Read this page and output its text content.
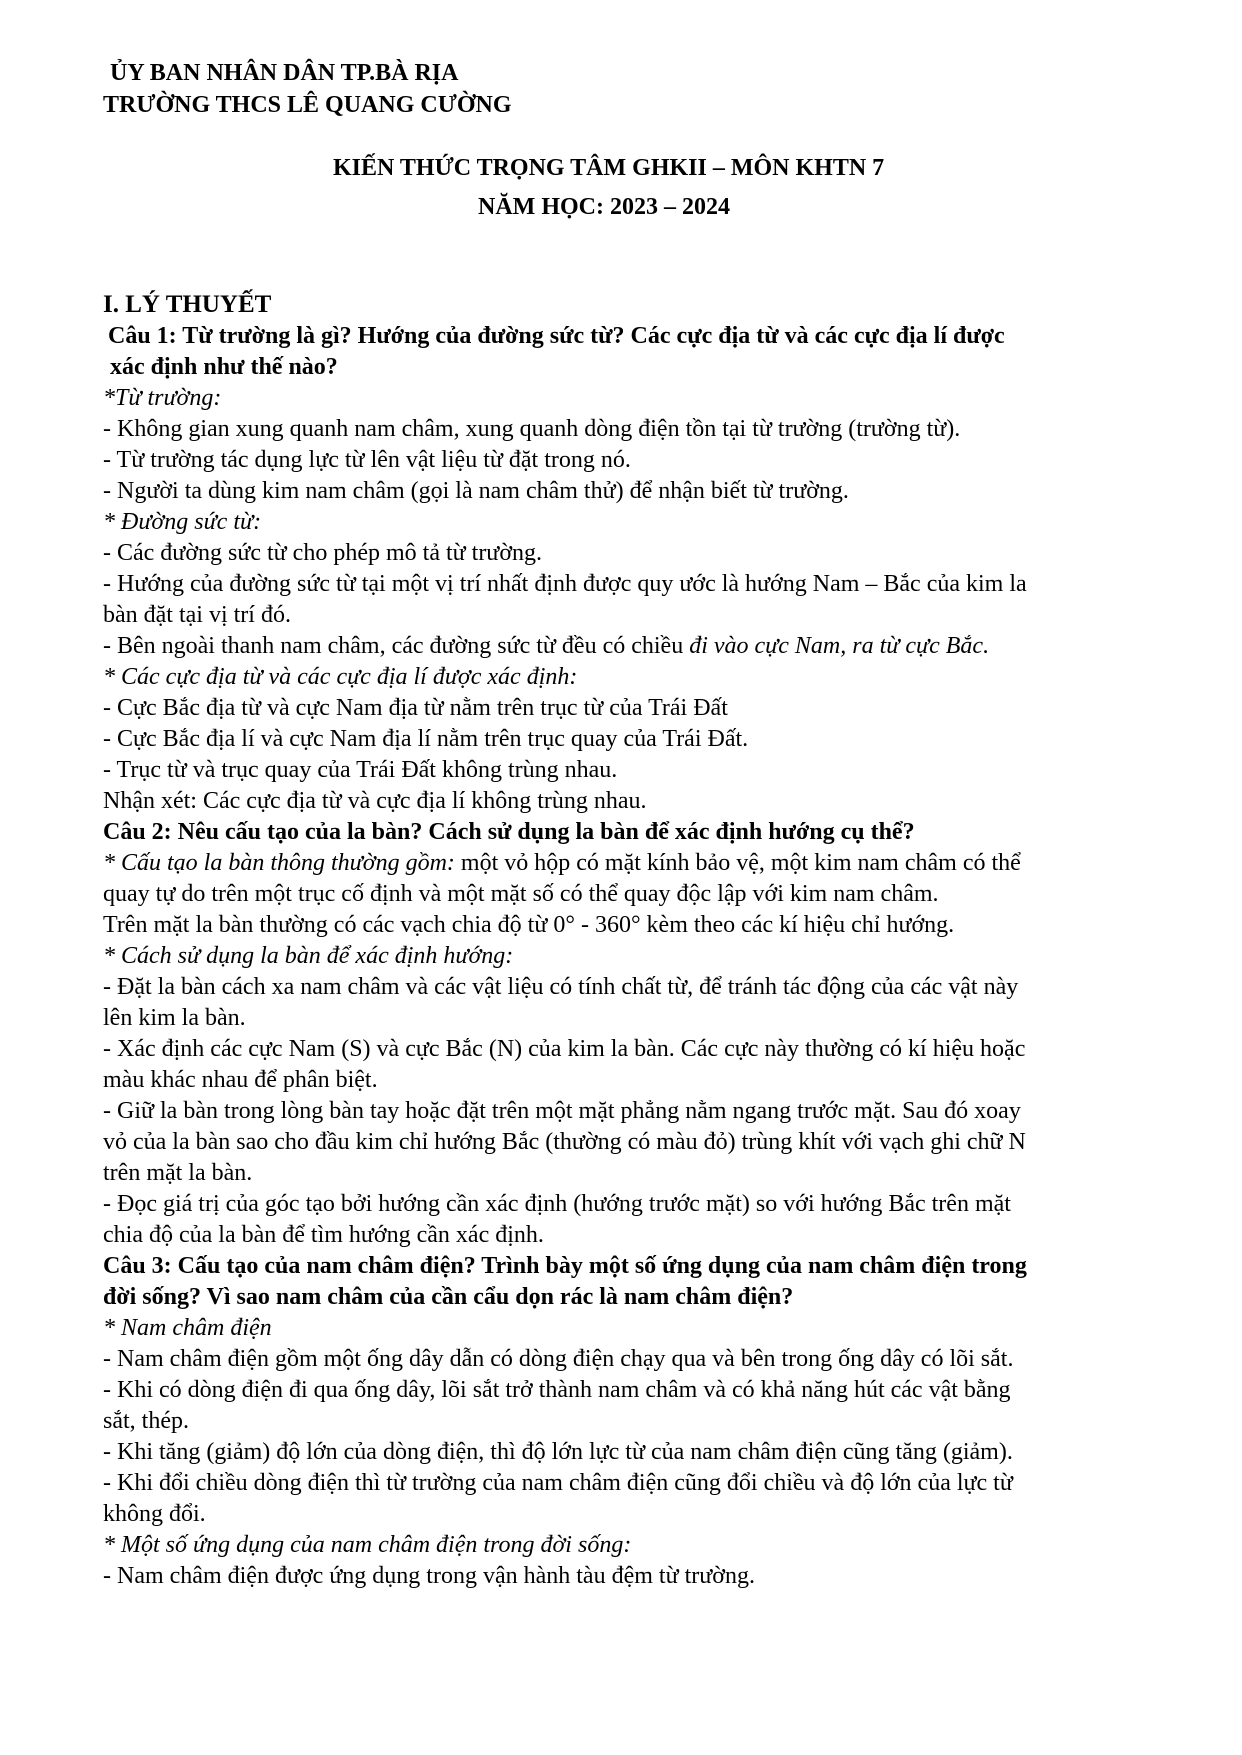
ỦY BAN NHÂN DÂN TP.BÀ RỊA
TRƯỜNG THCS LÊ QUANG CƯỜNG
KIẾN THỨC TRỌNG TÂM GHKII – MÔN KHTN 7
NĂM HỌC: 2023 – 2024
I. LÝ THUYẾT
Câu 1: Từ trường là gì? Hướng của đường sức từ? Các cực địa từ và các cực địa lí được
xác định như thế nào?
*Từ trường:
- Không gian xung quanh nam châm, xung quanh dòng điện tồn tại từ trường (trường từ).
- Từ trường tác dụng lực từ lên vật liệu từ đặt trong nó.
- Người ta dùng kim nam châm (gọi là nam châm thử) để nhận biết từ trường.
* Đường sức từ:
- Các đường sức từ cho phép mô tả từ trường.
- Hướng của đường sức từ tại một vị trí nhất định được quy ước là hướng Nam – Bắc của kim la
bàn đặt tại vị trí đó.
- Bên ngoài thanh nam châm, các đường sức từ đều có chiều đi vào cực Nam, ra từ cực Bắc.
* Các cực địa từ và các cực địa lí được xác định:
- Cực Bắc địa từ và cực Nam địa từ nằm trên trục từ của Trái Đất
- Cực Bắc địa lí và cực Nam địa lí nằm trên trục quay của Trái Đất.
- Trục từ và trục quay của Trái Đất không trùng nhau.
Nhận xét: Các cực địa từ và cực địa lí không trùng nhau.
Câu 2: Nêu cấu tạo của la bàn? Cách sử dụng la bàn để xác định hướng cụ thể?
* Cấu tạo la bàn thông thường gồm: một vỏ hộp có mặt kính bảo vệ, một kim nam châm có thể
quay tự do trên một trục cố định và một mặt số có thể quay độc lập với kim nam châm.
Trên mặt la bàn thường có các vạch chia độ từ 0° - 360° kèm theo các kí hiệu chỉ hướng.
* Cách sử dụng la bàn để xác định hướng:
- Đặt la bàn cách xa nam châm và các vật liệu có tính chất từ, để tránh tác động của các vật này
lên kim la bàn.
- Xác định các cực Nam (S) và cực Bắc (N) của kim la bàn. Các cực này thường có kí hiệu hoặc
màu khác nhau để phân biệt.
- Giữ la bàn trong lòng bàn tay hoặc đặt trên một mặt phẳng nằm ngang trước mặt. Sau đó xoay
vỏ của la bàn sao cho đầu kim chỉ hướng Bắc (thường có màu đỏ) trùng khít với vạch ghi chữ N
trên mặt la bàn.
- Đọc giá trị của góc tạo bởi hướng cần xác định (hướng trước mặt) so với hướng Bắc trên mặt
chia độ của la bàn để tìm hướng cần xác định.
Câu 3: Cấu tạo của nam châm điện? Trình bày một số ứng dụng của nam châm điện trong
đời sống? Vì sao nam châm của cần cẩu dọn rác là nam châm điện?
* Nam châm điện
- Nam châm điện gồm một ống dây dẫn có dòng điện chạy qua và bên trong ống dây có lõi sắt.
- Khi có dòng điện đi qua ống dây, lõi sắt trở thành nam châm và có khả năng hút các vật bằng
sắt, thép.
- Khi tăng (giảm) độ lớn của dòng điện, thì độ lớn lực từ của nam châm điện cũng tăng (giảm).
- Khi đổi chiều dòng điện thì từ trường của nam châm điện cũng đổi chiều và độ lớn của lực từ
không đổi.
* Một số ứng dụng của nam châm điện trong đời sống:
- Nam châm điện được ứng dụng trong vận hành tàu đệm từ trường.
